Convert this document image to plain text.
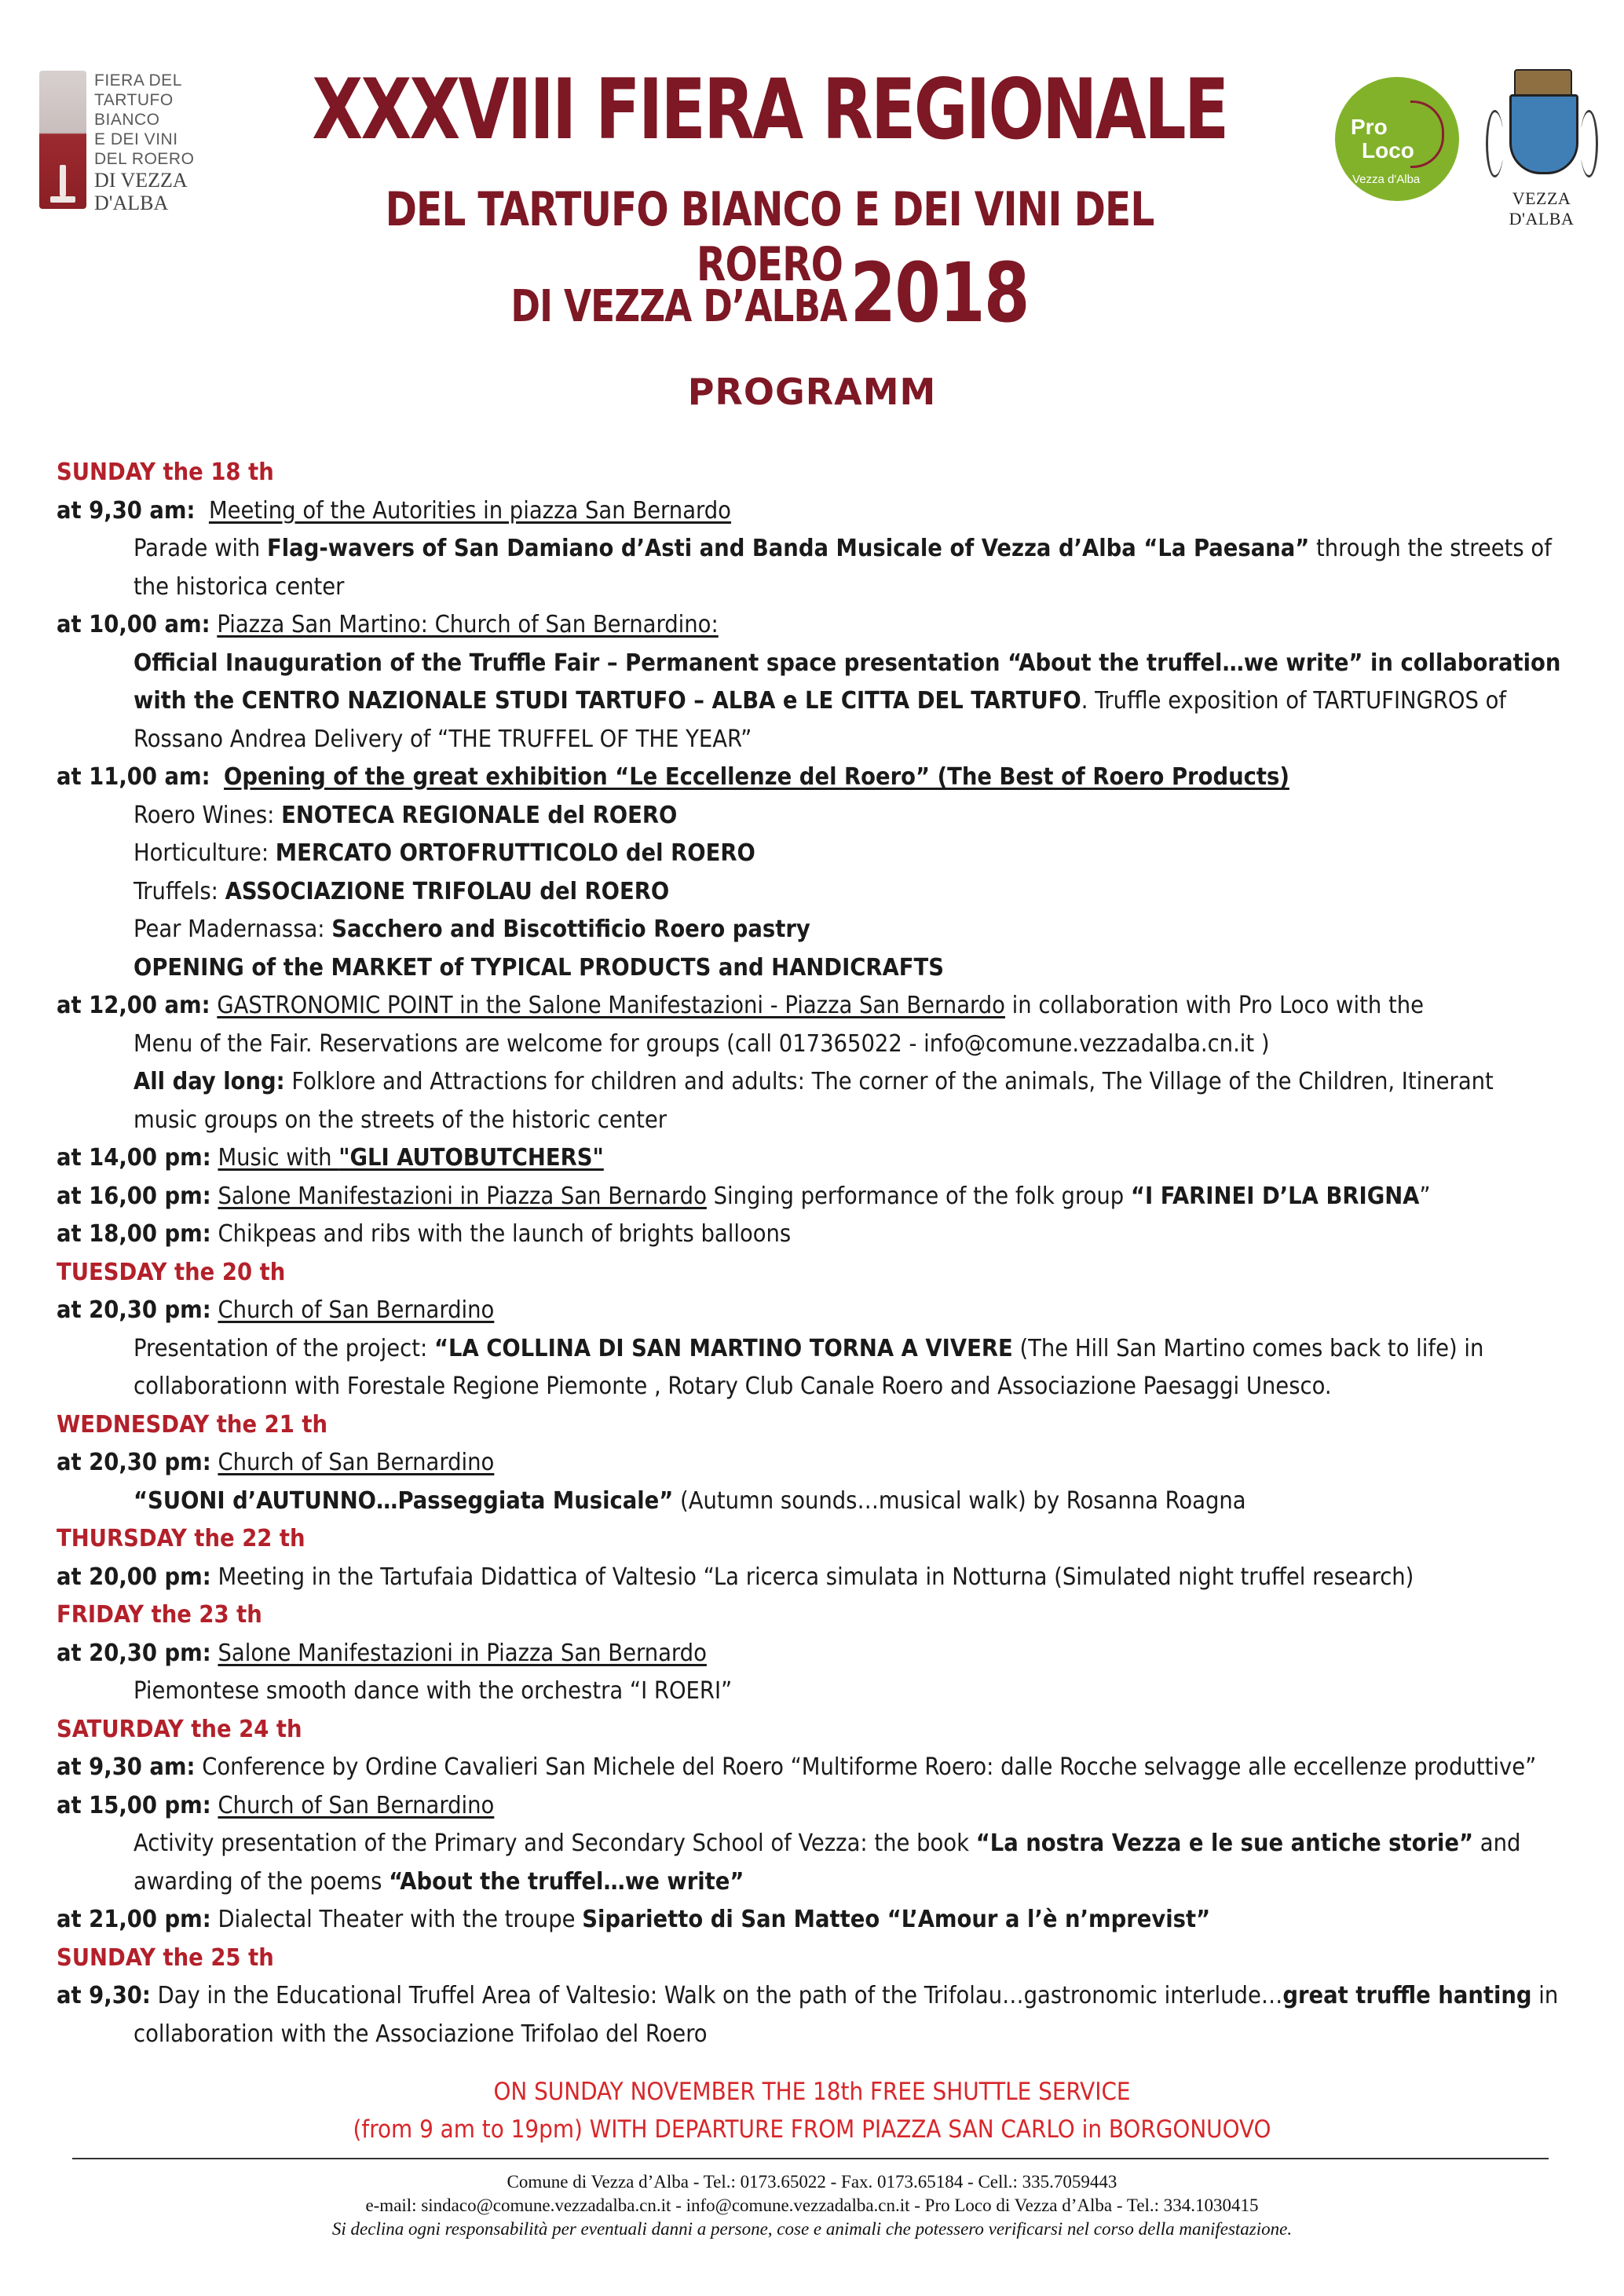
FIERA DEL
TARTUFO
BIANCO
E DEI VINI
DEL ROERO
DI VEZZA
D'ALBA
XXXVIII FIERA REGIONALE
DEL TARTUFO BIANCO E DEI VINI DEL ROERO
DI VEZZA D’ALBA 2018
PROGRAMM
Pro
Loco
Vezza d'Alba
VEZZA D'ALBA
SUNDAY the 18 th
at 9,30 am: Meeting of the Autorities in piazza San Bernardo
Parade with Flag-wavers of San Damiano d’Asti and Banda Musicale of Vezza d’Alba “La Paesana” through the streets of
the historica center
at 10,00 am: Piazza San Martino: Church of San Bernardino:
Official Inauguration of the Truffle Fair – Permanent space presentation “About the truffel…we write” in collaboration
with the CENTRO NAZIONALE STUDI TARTUFO – ALBA e LE CITTA DEL TARTUFO. Truffle exposition of TARTUFINGROS of
Rossano Andrea Delivery of “THE TRUFFEL OF THE YEAR”
at 11,00 am: Opening of the great exhibition “Le Eccellenze del Roero” (The Best of Roero Products)
Roero Wines: ENOTECA REGIONALE del ROERO
Horticulture: MERCATO ORTOFRUTTICOLO del ROERO
Truffels: ASSOCIAZIONE TRIFOLAU del ROERO
Pear Madernassa: Sacchero and Biscottificio Roero pastry
OPENING of the MARKET of TYPICAL PRODUCTS and HANDICRAFTS
at 12,00 am: GASTRONOMIC POINT in the Salone Manifestazioni - Piazza San Bernardo in collaboration with Pro Loco with the
Menu of the Fair. Reservations are welcome for groups (call 017365022 - info@comune.vezzadalba.cn.it )
All day long: Folklore and Attractions for children and adults: The corner of the animals, The Village of the Children, Itinerant
music groups on the streets of the historic center
at 14,00 pm: Music with "GLI AUTOBUTCHERS"
at 16,00 pm: Salone Manifestazioni in Piazza San Bernardo Singing performance of the folk group “I FARINEI D’LA BRIGNA”
at 18,00 pm: Chikpeas and ribs with the launch of brights balloons
TUESDAY the 20 th
at 20,30 pm: Church of San Bernardino
Presentation of the project: “LA COLLINA DI SAN MARTINO TORNA A VIVERE (The Hill San Martino comes back to life) in
collaborationn with Forestale Regione Piemonte , Rotary Club Canale Roero and Associazione Paesaggi Unesco.
WEDNESDAY the 21 th
at 20,30 pm: Church of San Bernardino
“SUONI d’AUTUNNO…Passeggiata Musicale” (Autumn sounds…musical walk) by Rosanna Roagna
THURSDAY the 22 th
at 20,00 pm: Meeting in the Tartufaia Didattica of Valtesio “La ricerca simulata in Notturna (Simulated night truffel research)
FRIDAY the 23 th
at 20,30 pm: Salone Manifestazioni in Piazza San Bernardo
Piemontese smooth dance with the orchestra “I ROERI”
SATURDAY the 24 th
at 9,30 am: Conference by Ordine Cavalieri San Michele del Roero “Multiforme Roero: dalle Rocche selvagge alle eccellenze produttive”
at 15,00 pm: Church of San Bernardino
Activity presentation of the Primary and Secondary School of Vezza: the book “La nostra Vezza e le sue antiche storie” and
awarding of the poems “About the truffel…we write”
at 21,00 pm: Dialectal Theater with the troupe Siparietto di San Matteo “L’Amour a l’è n’mprevist”
SUNDAY the 25 th
at 9,30: Day in the Educational Truffel Area of Valtesio: Walk on the path of the Trifolau…gastronomic interlude…great truffle hanting in
collaboration with the Associazione Trifolao del Roero
ON SUNDAY NOVEMBER THE 18th FREE SHUTTLE SERVICE
(from 9 am to 19pm) WITH DEPARTURE FROM PIAZZA SAN CARLO in BORGONUOVO
Comune di Vezza d’Alba - Tel.: 0173.65022 - Fax. 0173.65184 - Cell.: 335.7059443
e-mail: sindaco@comune.vezzadalba.cn.it - info@comune.vezzadalba.cn.it - Pro Loco di Vezza d’Alba - Tel.: 334.1030415
Si declina ogni responsabilità per eventuali danni a persone, cose e animali che potessero verificarsi nel corso della manifestazione.
